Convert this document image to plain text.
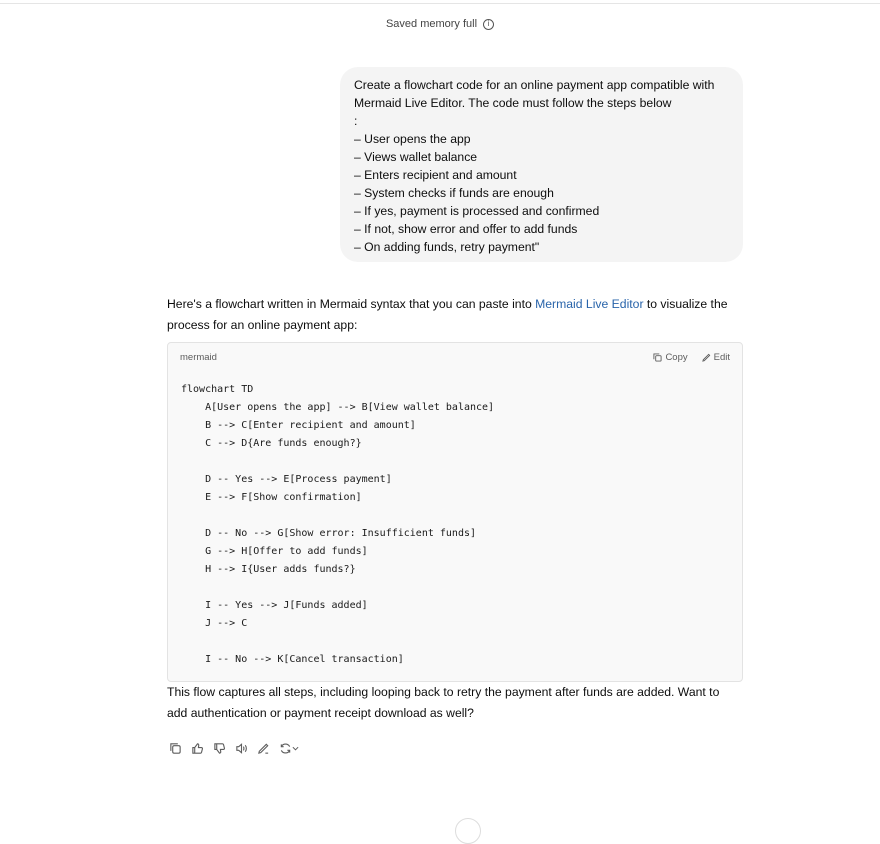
Saved memory full	i

Create a flowchart code for an online payment app compatible with Mermaid Live Editor. The code must follow the steps below
:
– User opens the app
– Views wallet balance
– Enters recipient and amount
– System checks if funds are enough
– If yes, payment is processed and confirmed
– If not, show error and offer to add funds
– On adding funds, retry payment"

Here's a flowchart written in Mermaid syntax that you can paste into Mermaid Live Editor to visualize the process for an online payment app:

mermaid	Copy	Edit
flowchart TD
A[User opens the app] --> B[View wallet balance]
B --> C[Enter recipient and amount]
C --> D{Are funds enough?}

D -- Yes --> E[Process payment]
E --> F[Show confirmation]

D -- No --> G[Show error: Insufficient funds]
G --> H[Offer to add funds]
H --> I{User adds funds?}

I -- Yes --> J[Funds added]
J --> C

I -- No --> K[Cancel transaction]

This flow captures all steps, including looping back to retry the payment after funds are added. Want to add authentication or payment receipt download as well?
